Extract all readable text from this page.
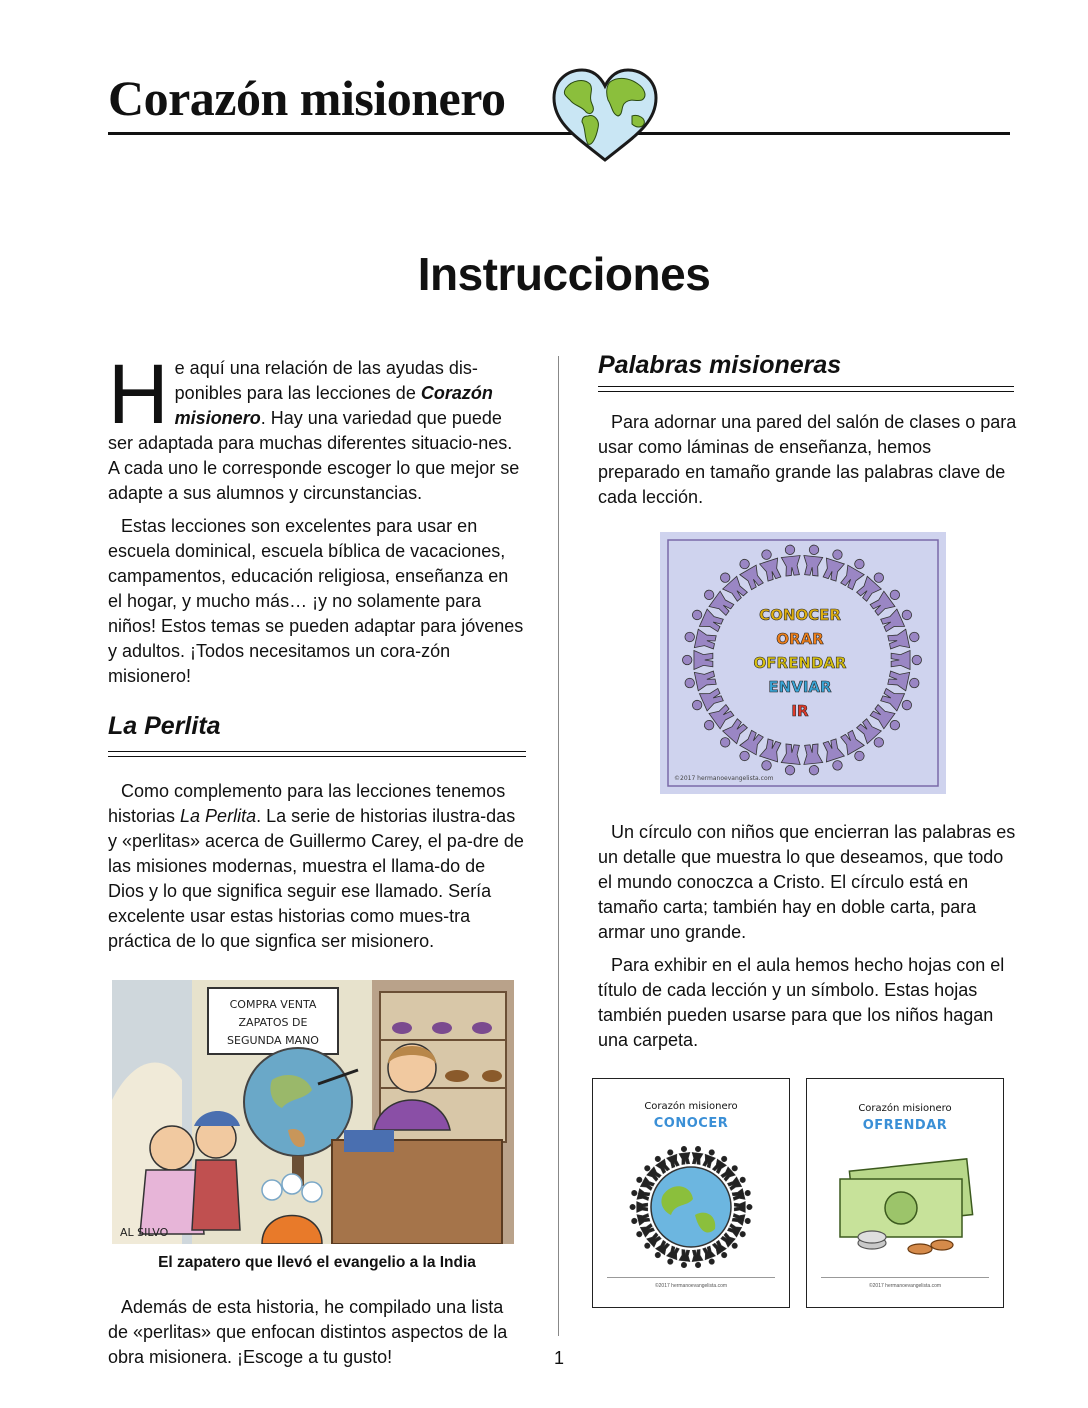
Corazón misionero
Instrucciones

He aquí una relación de las ayudas dis-ponibles para las lecciones de Corazón misionero. Hay una variedad que puede ser adaptada para muchas diferentes situacio-nes. A cada uno le corresponde escoger lo que mejor se adapte a sus alumnos y circunstancias.

Estas lecciones son excelentes para usar en escuela dominical, escuela bíblica de vacaciones, campamentos, educación religiosa, enseñanza en el hogar, y mucho más… ¡y no solamente para niños! Estos temas se pueden adaptar para jóvenes y adultos. ¡Todos necesitamos un cora-zón misionero!

La Perlita

Como complemento para las lecciones tenemos historias La Perlita. La serie de historias ilustra-das y «perlitas» acerca de Guillermo Carey, el pa-dre de las misiones modernas, muestra el llama-do de Dios y lo que significa seguir ese llamado. Sería excelente usar estas historias como mues-tra práctica de lo que signfica ser misionero.

COMPRA VENTA
ZAPATOS DE
SEGUNDA MANO
AL SILVO
El zapatero que llevó el evangelio a la India

Además de esta historia, he compilado una lista de «perlitas» que enfocan distintos aspectos de la obra misionera. ¡Escoge a tu gusto!

Palabras misioneras

Para adornar una pared del salón de clases o para usar como láminas de enseñanza, hemos preparado en tamaño grande las palabras clave de cada lección.

CONOCER
ORAR
OFRENDAR
ENVIAR
IR
©2017 hermanoevangelista.com

Un círculo con niños que encierran las palabras es un detalle que muestra lo que deseamos, que todo el mundo conoczca a Cristo. El círculo está en tamaño carta; también hay en doble carta, para armar uno grande.

Para exhibir en el aula hemos hecho hojas con el título de cada lección y un símbolo. Estas hojas también pueden usarse para que los niños hagan una carpeta.

Corazón misionero
CONOCER
©2017 hermanoevangelista.com
Corazón misionero
OFRENDAR
©2017 hermanoevangelista.com
1
